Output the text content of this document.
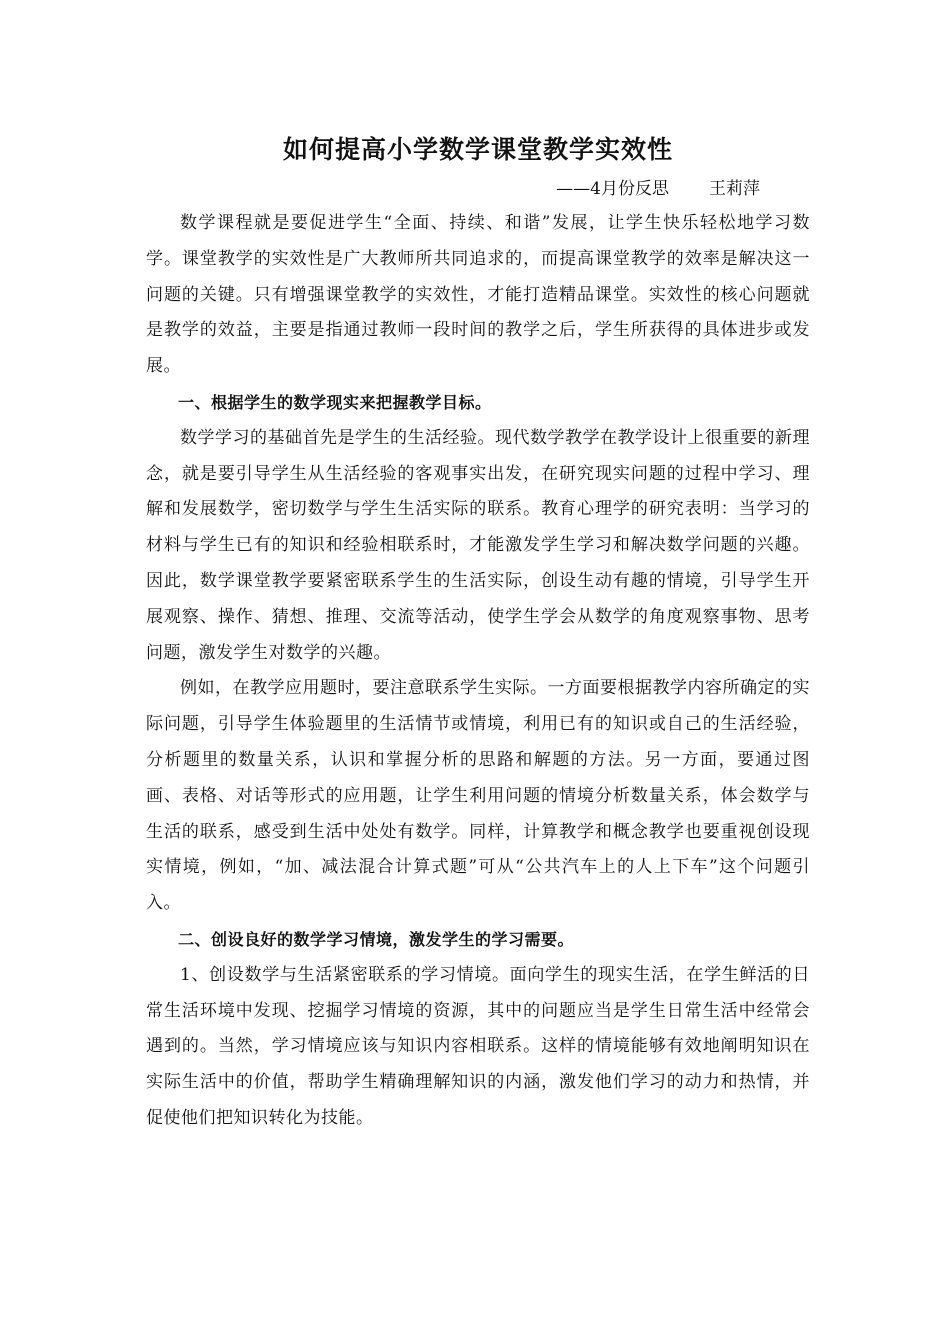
如何提高小学数学课堂教学实效性
——4月份反思 王莉萍

数学课程就是要促进学生“全面、持续、和谐”发展，让学生快乐轻松地学习数学。课堂教学的实效性是广大教师所共同追求的，而提高课堂教学的效率是解决这一问题的关键。只有增强课堂教学的实效性，才能打造精品课堂。实效性的核心问题就是教学的效益，主要是指通过教师一段时间的教学之后，学生所获得的具体进步或发展。

一、根据学生的数学现实来把握教学目标。

数学学习的基础首先是学生的生活经验。现代数学教学在教学设计上很重要的新理念，就是要引导学生从生活经验的客观事实出发，在研究现实问题的过程中学习、理解和发展数学，密切数学与学生生活实际的联系。教育心理学的研究表明：当学习的材料与学生已有的知识和经验相联系时，才能激发学生学习和解决数学问题的兴趣。因此，数学课堂教学要紧密联系学生的生活实际，创设生动有趣的情境，引导学生开展观察、操作、猜想、推理、交流等活动，使学生学会从数学的角度观察事物、思考问题，激发学生对数学的兴趣。

例如，在教学应用题时，要注意联系学生实际。一方面要根据教学内容所确定的实际问题，引导学生体验题里的生活情节或情境，利用已有的知识或自己的生活经验，分析题里的数量关系，认识和掌握分析的思路和解题的方法。另一方面，要通过图画、表格、对话等形式的应用题，让学生利用问题的情境分析数量关系，体会数学与生活的联系，感受到生活中处处有数学。同样，计算教学和概念教学也要重视创设现实情境，例如，“加、减法混合计算式题”可从“公共汽车上的人上下车”这个问题引入。

二、创设良好的数学学习情境，激发学生的学习需要。

1、创设数学与生活紧密联系的学习情境。面向学生的现实生活，在学生鲜活的日常生活环境中发现、挖掘学习情境的资源，其中的问题应当是学生日常生活中经常会遇到的。当然，学习情境应该与知识内容相联系。这样的情境能够有效地阐明知识在实际生活中的价值，帮助学生精确理解知识的内涵，激发他们学习的动力和热情，并促使他们把知识转化为技能。
